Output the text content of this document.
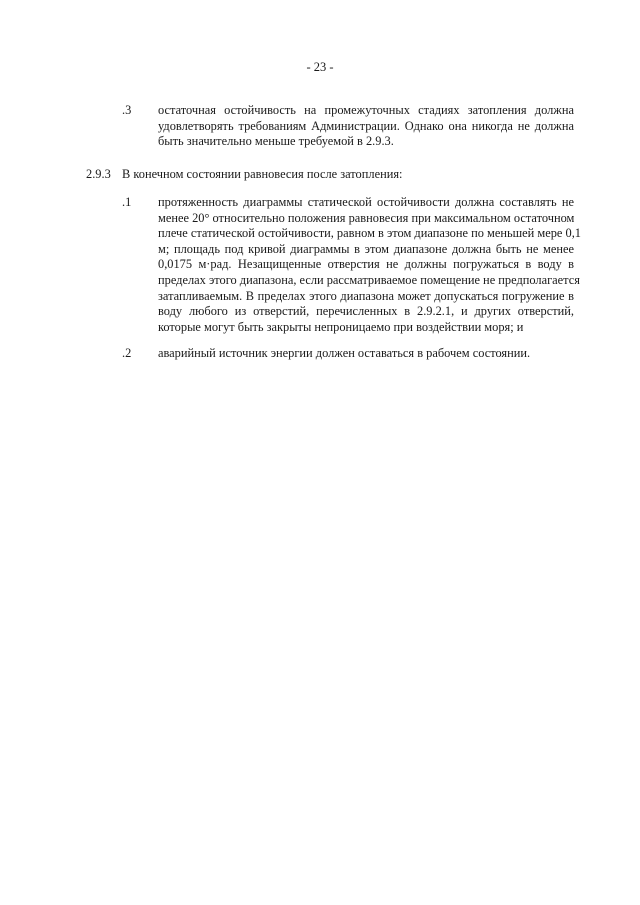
- 23 -
.3 остаточная остойчивость на промежуточных стадиях затопления должна
удовлетворять требованиям Администрации. Однако она никогда не должна
быть значительно меньше требуемой в 2.9.3.
2.9.3 В конечном состоянии равновесия после затопления:
.1 протяженность диаграммы статической остойчивости должна составлять не
менее 20° относительно положения равновесия при максимальном остаточном
плече статической остойчивости, равном в этом диапазоне по меньшей мере 0,1
м; площадь под кривой диаграммы в этом диапазоне должна быть не менее
0,0175 м·рад. Незащищенные отверстия не должны погружаться в воду в
пределах этого диапазона, если рассматриваемое помещение не предполагается
затапливаемым. В пределах этого диапазона может допускаться погружение в
воду любого из отверстий, перечисленных в 2.9.2.1, и других отверстий,
которые могут быть закрыты непроницаемо при воздействии моря; и
.2 аварийный источник энергии должен оставаться в рабочем состоянии.
